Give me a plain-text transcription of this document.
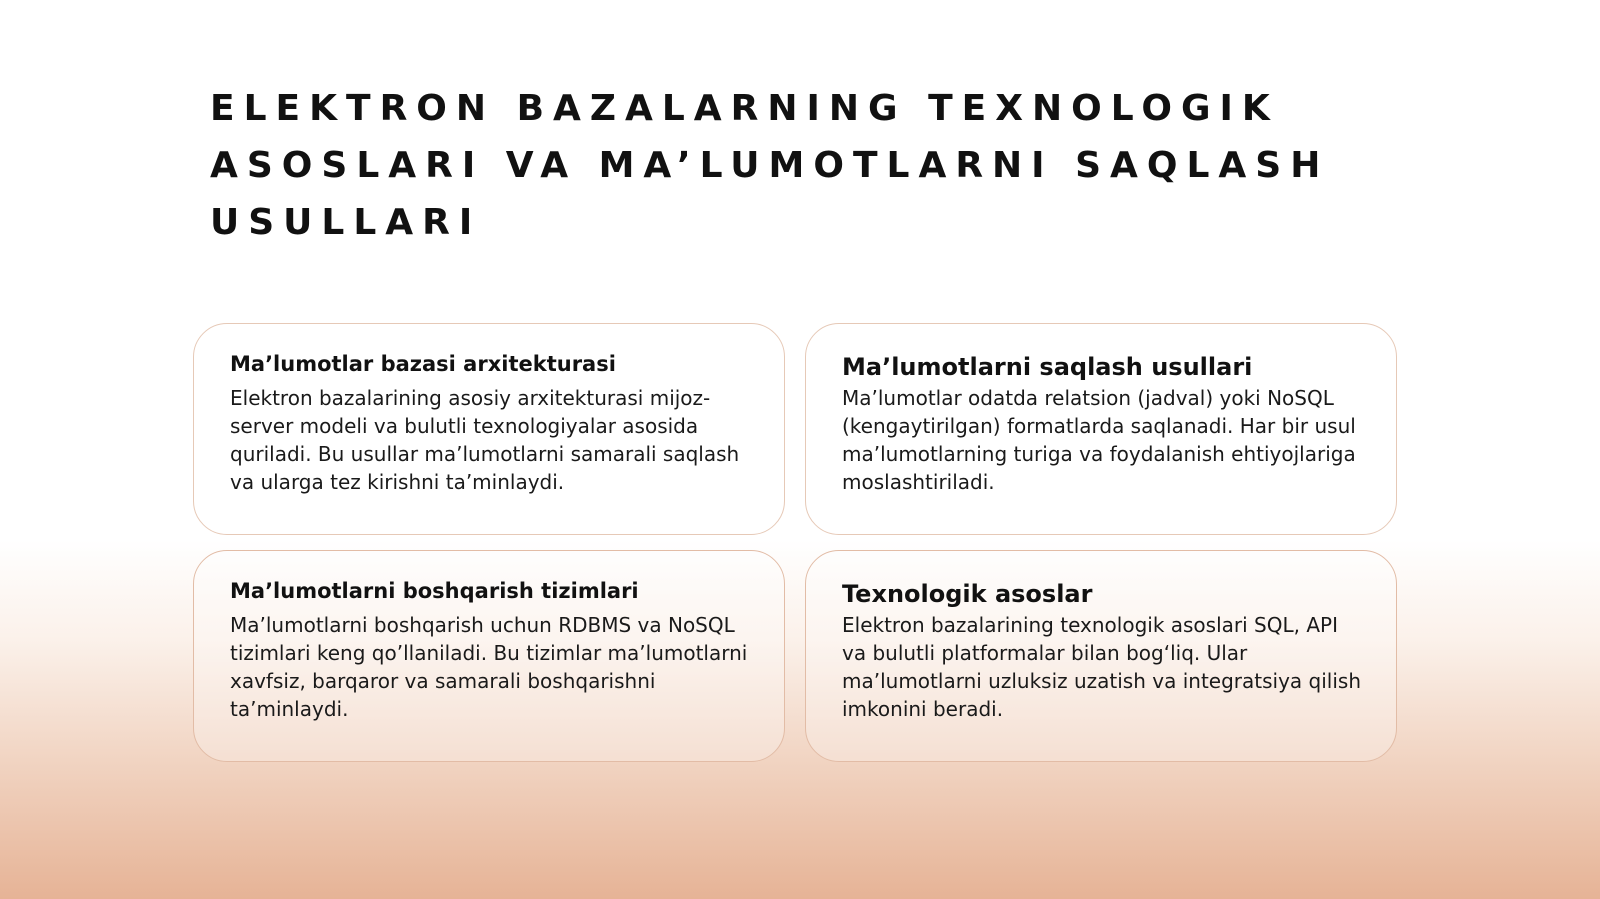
ELEKTRON BAZALARNING TEXNOLOGIK ASOSLARI VA MA’LUMOTLARNI SAQLASH USULLARI
Ma’lumotlar bazasi arxitekturasi

Elektron bazalarining asosiy arxitekturasi mijoz-server modeli va bulutli texnologiyalar asosida quriladi. Bu usullar ma’lumotlarni samarali saqlash va ularga tez kirishni ta’minlaydi.

Ma’lumotlarni saqlash usullari

Ma’lumotlar odatda relatsion (jadval) yoki NoSQL (kengaytirilgan) formatlarda saqlanadi. Har bir usul ma’lumotlarning turiga va foydalanish ehtiyojlariga moslashtiriladi.

Ma’lumotlarni boshqarish tizimlari

Ma’lumotlarni boshqarish uchun RDBMS va NoSQL tizimlari keng qo’llaniladi. Bu tizimlar ma’lumotlarni xavfsiz, barqaror va samarali boshqarishni ta’minlaydi.

Texnologik asoslar

Elektron bazalarining texnologik asoslari SQL, API va bulutli platformalar bilan bog‘liq. Ular ma’lumotlarni uzluksiz uzatish va integratsiya qilish imkonini beradi.
